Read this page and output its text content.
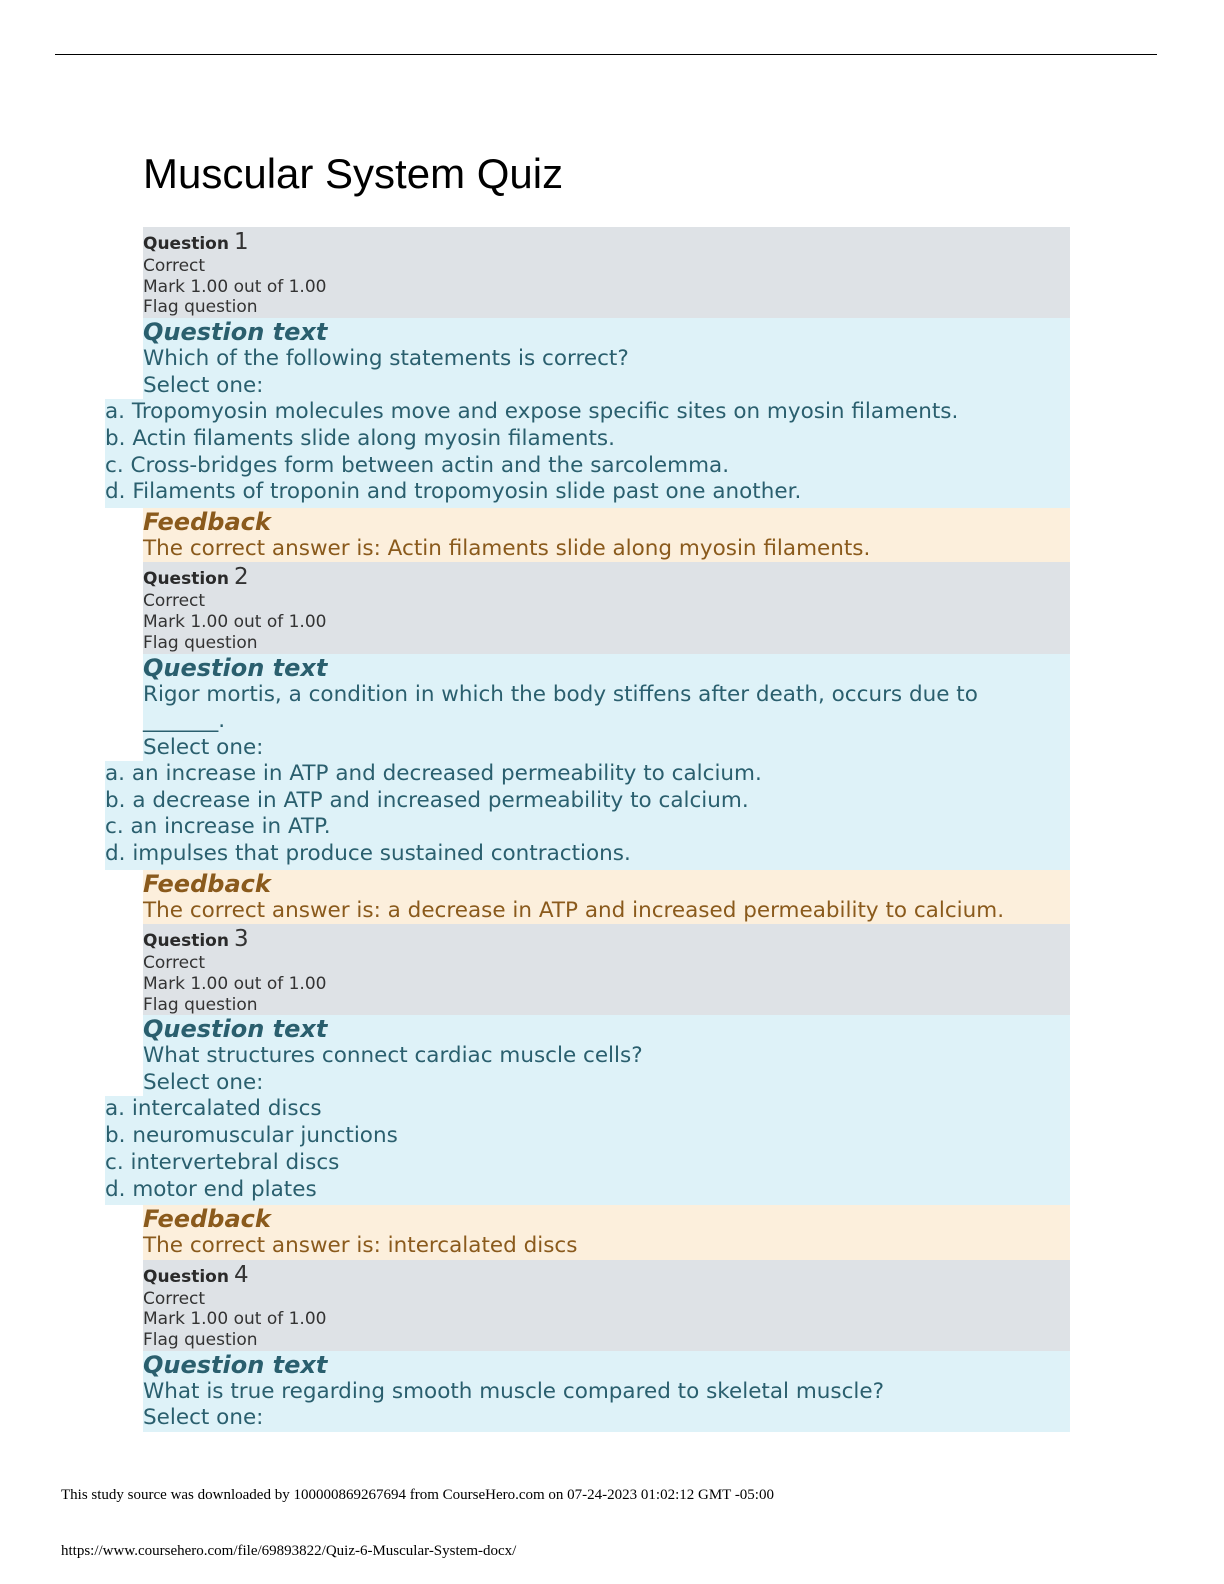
Muscular System Quiz
Question 1
Correct
Mark 1.00 out of 1.00
Flag question
Question text
Which of the following statements is correct?
Select one:
a. Tropomyosin molecules move and expose specific sites on myosin filaments.
b. Actin filaments slide along myosin filaments.
c. Cross-bridges form between actin and the sarcolemma.
d. Filaments of troponin and tropomyosin slide past one another.
Feedback
The correct answer is: Actin filaments slide along myosin filaments.
Question 2
Correct
Mark 1.00 out of 1.00
Flag question
Question text
Rigor mortis, a condition in which the body stiffens after death, occurs due to
_______.
Select one:
a. an increase in ATP and decreased permeability to calcium.
b. a decrease in ATP and increased permeability to calcium.
c. an increase in ATP.
d. impulses that produce sustained contractions.
Feedback
The correct answer is: a decrease in ATP and increased permeability to calcium.
Question 3
Correct
Mark 1.00 out of 1.00
Flag question
Question text
What structures connect cardiac muscle cells?
Select one:
a. intercalated discs
b. neuromuscular junctions
c. intervertebral discs
d. motor end plates
Feedback
The correct answer is: intercalated discs
Question 4
Correct
Mark 1.00 out of 1.00
Flag question
Question text
What is true regarding smooth muscle compared to skeletal muscle?
Select one:

This study source was downloaded by 100000869267694 from CourseHero.com on 07-24-2023 01:02:12 GMT -05:00

https://www.coursehero.com/file/69893822/Quiz-6-Muscular-System-docx/
